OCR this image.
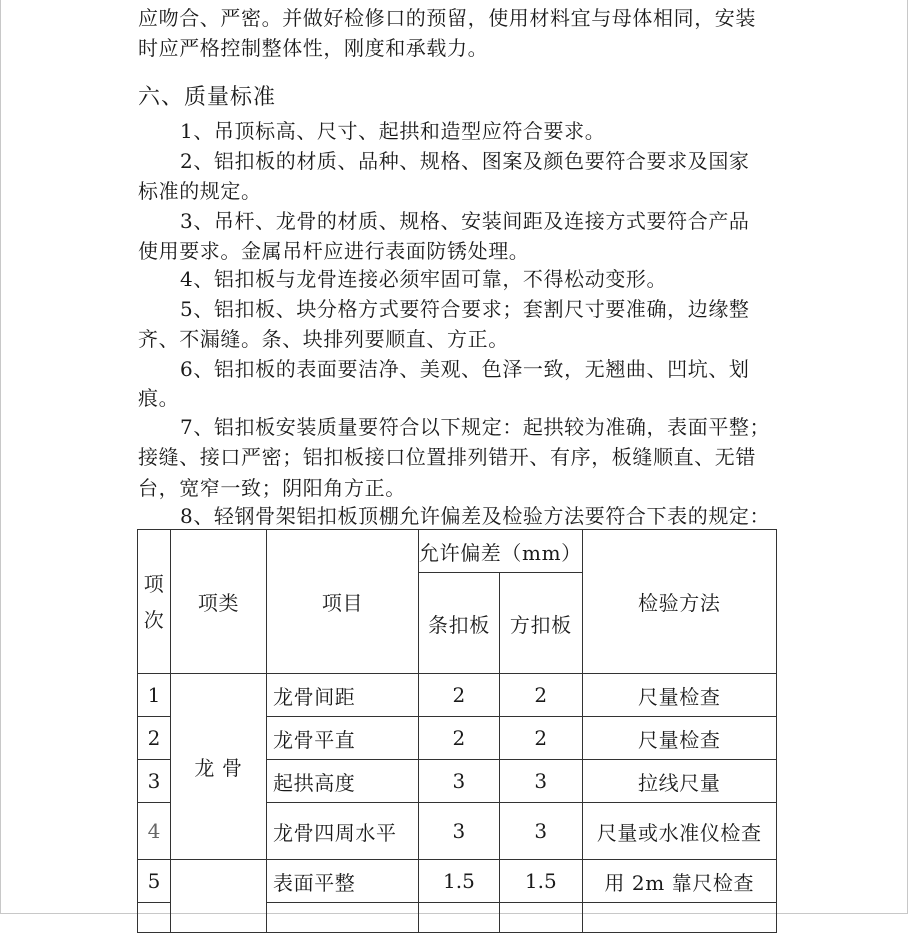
应吻合、严密。并做好检修口的预留，使用材料宜与母体相同，安装
时应严格控制整体性，刚度和承载力。
六、质量标准
1、吊顶标高、尺寸、起拱和造型应符合要求。
2、铝扣板的材质、品种、规格、图案及颜色要符合要求及国家
标准的规定。
3、吊杆、龙骨的材质、规格、安装间距及连接方式要符合产品
使用要求。金属吊杆应进行表面防锈处理。
4、铝扣板与龙骨连接必须牢固可靠，不得松动变形。
5、铝扣板、块分格方式要符合要求；套割尺寸要准确，边缘整
齐、不漏缝。条、块排列要顺直、方正。
6、铝扣板的表面要洁净、美观、色泽一致，无翘曲、凹坑、划
痕。
7、铝扣板安装质量要符合以下规定：起拱较为准确，表面平整；
接缝、接口严密；铝扣板接口位置排列错开、有序，板缝顺直、无错
台，宽窄一致；阴阳角方正。
8、轻钢骨架铝扣板顶棚允许偏差及检验方法要符合下表的规定：
项
次	项类	项目	允许偏差（mm）		检验方法
			条扣板	方扣板	
1	龙 骨	龙骨间距	2	2	尺量检查
2		龙骨平直	2	2	尺量检查
3		起拱高度	3	3	拉线尺量
4		龙骨四周水平	3	3	尺量或水准仪检查
5		表面平整	1.5	1.5	用 2m 靠尺检查
